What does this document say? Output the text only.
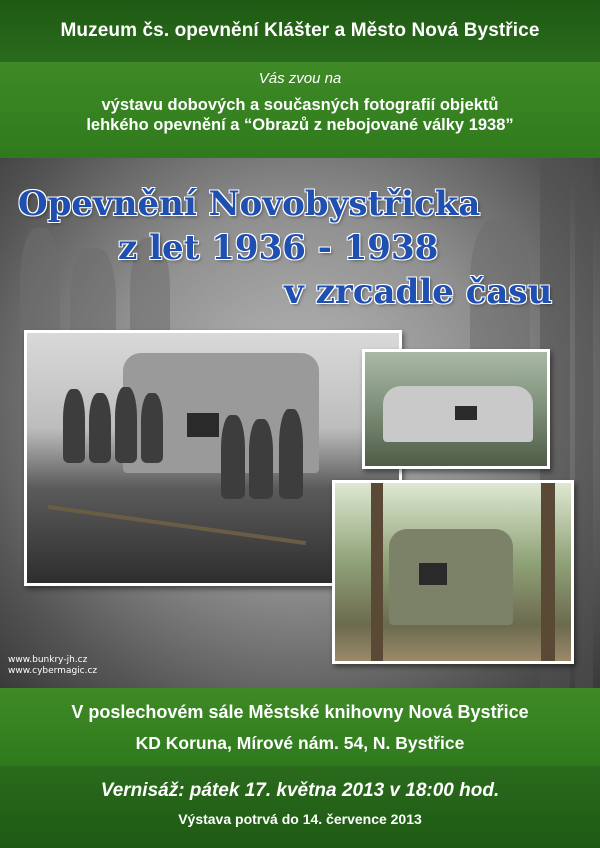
Muzeum čs. opevnění Klášter a Město Nová Bystřice
Vás zvou na
výstavu dobových a současných fotografií objektů
lehkého opevnění a “Obrazů z nebojované války 1938”
Opevnění Novobystřicka
z let 1936 - 1938
v zrcadle času
www.bunkry-jh.cz
www.cybermagic.cz
V poslechovém sále Městské knihovny Nová Bystřice
KD Koruna, Mírové nám. 54, N. Bystřice
Vernisáž: pátek 17. května 2013 v 18:00 hod.
Výstava potrvá do 14. července 2013
